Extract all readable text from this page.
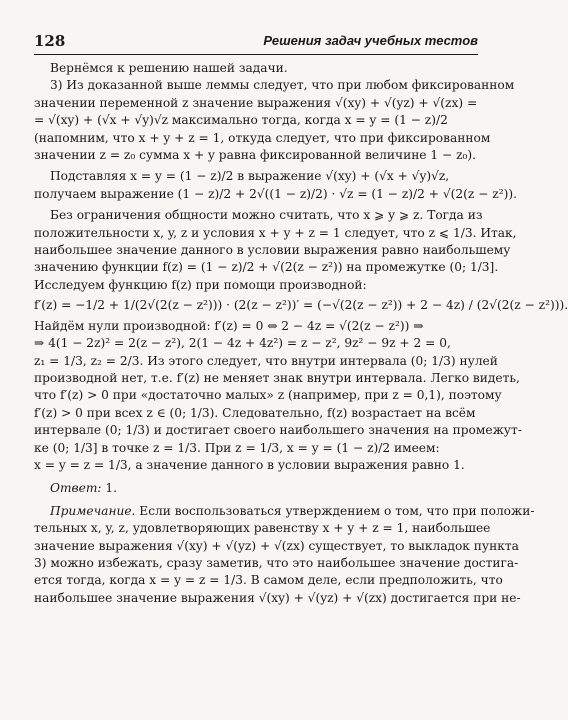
128	Решения задач учебных тестов
Вернёмся к решению нашей задачи.
3) Из доказанной выше леммы следует, что при любом фиксированном
значении переменной z значение выражения √(xy) + √(yz) + √(zx) =
= √(xy) + (√x + √y)√z максимально тогда, когда x = y = (1 − z)/2
(напомним, что x + y + z = 1, откуда следует, что при фиксированном
значении z = z₀ сумма x + y равна фиксированной величине 1 − z₀).
Подставляя x = y = (1 − z)/2 в выражение √(xy) + (√x + √y)√z,
получаем выражение (1 − z)/2 + 2√((1 − z)/2) · √z = (1 − z)/2 + √(2(z − z²)).
Без ограничения общности можно считать, что x ⩾ y ⩾ z. Тогда из
положительности x, y, z и условия x + y + z = 1 следует, что z ⩽ 1/3. Итак,
наибольшее значение данного в условии выражения равно наибольшему
значению функции f(z) = (1 − z)/2 + √(2(z − z²)) на промежутке (0; 1/3].
Исследуем функцию f(z) при помощи производной:
f′(z) = −1/2 + 1/(2√(2(z − z²))) · (2(z − z²))′ = (−√(2(z − z²)) + 2 − 4z) / (2√(2(z − z²))).
Найдём нули производной: f′(z) = 0 ⇔ 2 − 4z = √(2(z − z²)) ⇒
⇒ 4(1 − 2z)² = 2(z − z²), 2(1 − 4z + 4z²) = z − z², 9z² − 9z + 2 = 0,
z₁ = 1/3, z₂ = 2/3. Из этого следует, что внутри интервала (0; 1/3) нулей
производной нет, т.е. f′(z) не меняет знак внутри интервала. Легко видеть,
что f′(z) > 0 при «достаточно малых» z (например, при z = 0,1), поэтому
f′(z) > 0 при всех z ∈ (0; 1/3). Следовательно, f(z) возрастает на всём
интервале (0; 1/3) и достигает своего наибольшего значения на промежут-
ке (0; 1/3] в точке z = 1/3. При z = 1/3, x = y = (1 − z)/2 имеем:
x = y = z = 1/3, а значение данного в условии выражения равно 1.
Ответ: 1.
Примечание. Если воспользоваться утверждением о том, что при положи-
тельных x, y, z, удовлетворяющих равенству x + y + z = 1, наибольшее
значение выражения √(xy) + √(yz) + √(zx) существует, то выкладок пункта
3) можно избежать, сразу заметив, что это наибольшее значение достига-
ется тогда, когда x = y = z = 1/3. В самом деле, если предположить, что
наибольшее значение выражения √(xy) + √(yz) + √(zx) достигается при не-
